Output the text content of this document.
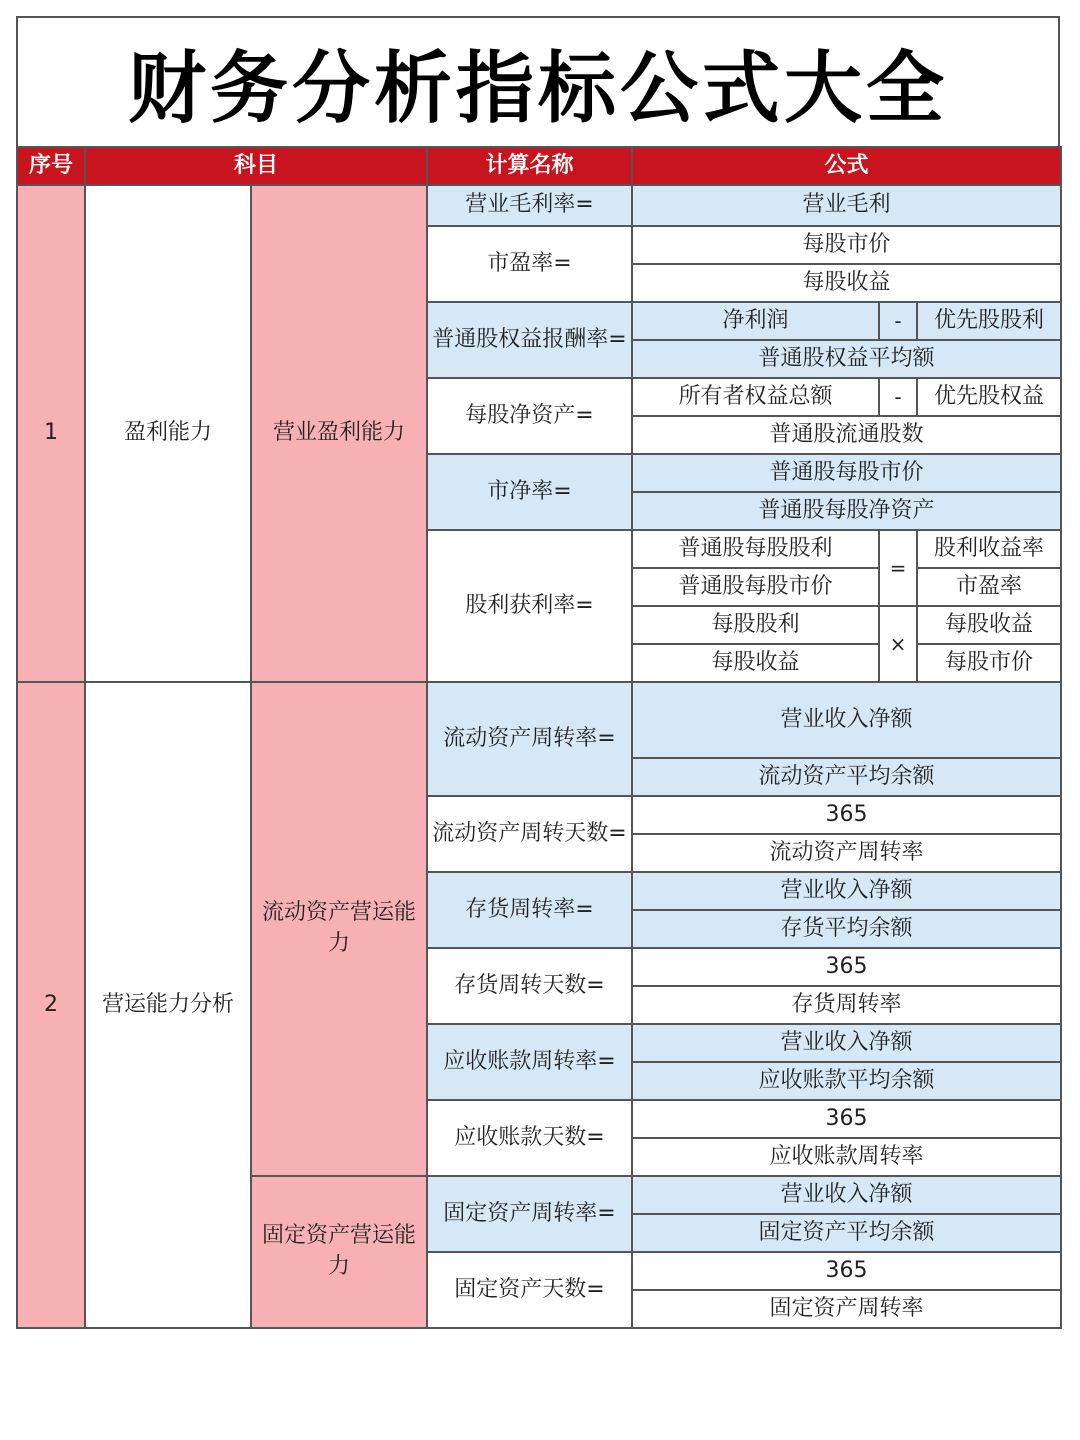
财务分析指标公式大全
序号	科目		计算名称	公式		
1	盈利能力	营业盈利能力	营业毛利率=	营业毛利		
			市盈率=	每股市价		
				每股收益		
			普通股权益报酬率=	净利润	-	优先股股利
				普通股权益平均额		
			每股净资产=	所有者权益总额	-	优先股权益
				普通股流通股数		
			市净率=	普通股每股市价		
				普通股每股净资产		
			股利获利率=	普通股每股股利	=	股利收益率
				普通股每股市价		市盈率
				每股股利	×	每股收益
				每股收益		每股市价
2	营运能力分析	流动资产营运能力	流动资产周转率=	营业收入净额		
				流动资产平均余额		
			流动资产周转天数=	365		
				流动资产周转率		
			存货周转率=	营业收入净额		
				存货平均余额		
			存货周转天数=	365		
				存货周转率		
			应收账款周转率=	营业收入净额		
				应收账款平均余额		
			应收账款天数=	365		
				应收账款周转率		
		固定资产营运能力	固定资产周转率=	营业收入净额		
				固定资产平均余额		
			固定资产天数=	365		
				固定资产周转率		
